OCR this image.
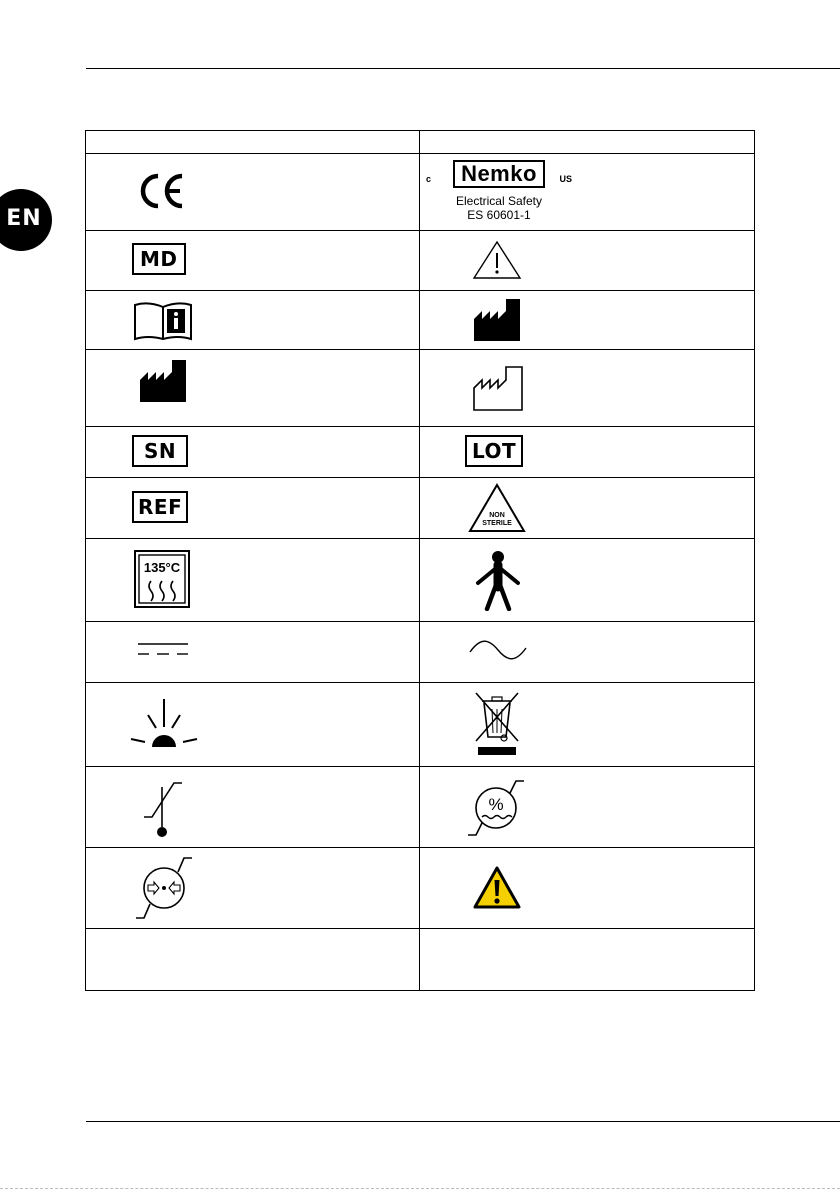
EN

c Nemko US
Electrical Safety
ES 60601-1

MD

SN	LOT

REF	NON
STERILE

135°C

%
